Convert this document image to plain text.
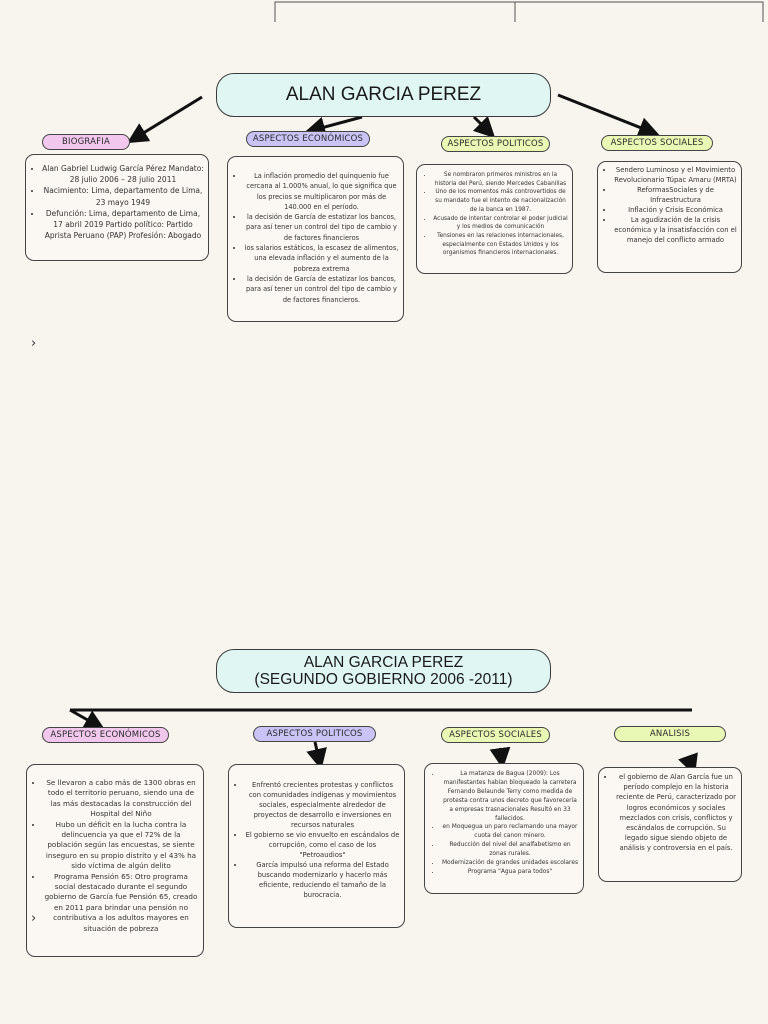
ALAN GARCIA PEREZ
BIOGRAFIA	ASPECTOS ECONÓMICOS	ASPECTOS POLITICOS	ASPECTOS SOCIALES
• Alan Gabriel Ludwig García Pérez Mandato: 28 julio 2006 – 28 julio 2011
• Nacimiento: Lima, departamento de Lima, 23 mayo 1949
• Defunción: Lima, departamento de Lima, 17 abril 2019 Partido político: Partido Aprista Peruano (PAP) Profesión: Abogado
• La inflación promedio del quinquenio fue cercana al 1.000% anual, lo que significa que los precios se multiplicaron por más de 140.000 en el período.
• la decisión de García de estatizar los bancos, para así tener un control del tipo de cambio y de factores financieros
• los salarios estáticos, la escasez de alimentos, una elevada inflación y el aumento de la pobreza extrema
• la decisión de García de estatizar los bancos, para así tener un control del tipo de cambio y de factores financieros.
• Se nombraron primeros ministros en la historia del Perú, siendo Mercedes Cabanillas
• Uno de los momentos más controvertidos de su mandato fue el intento de nacionalización de la banca en 1987.
• Acusado de intentar controlar el poder judicial y los medios de comunicación
• Tensiones en las relaciones internacionales, especialmente con Estados Unidos y los organismos financieros internacionales.
• Sendero Luminoso y el Movimiento Revolucionario Túpac Amaru (MRTA)
• ReformasSociales y de Infraestructura
• Inflación y Crisis Económica
• La agudización de la crisis económica y la insatisfacción con el manejo del conflicto armado
›
ALAN GARCIA PEREZ
(SEGUNDO GOBIERNO 2006 -2011)
ASPECTOS ECONÓMICOS	ASPECTOS POLITICOS	ASPECTOS SOCIALES	ANALISIS
• Se llevaron a cabo más de 1300 obras en todo el territorio peruano, siendo una de las más destacadas la construcción del Hospital del Niño
• Hubo un déficit en la lucha contra la delincuencia ya que el 72% de la población según las encuestas, se siente inseguro en su propio distrito y el 43% ha sido víctima de algún delito
• Programa Pensión 65: Otro programa social destacado durante el segundo gobierno de García fue Pensión 65, creado en 2011 para brindar una pensión no contributiva a los adultos mayores en situación de pobreza
• Enfrentó crecientes protestas y conflictos con comunidades indígenas y movimientos sociales, especialmente alrededor de proyectos de desarrollo e inversiones en recursos naturales
• El gobierno se vio envuelto en escándalos de corrupción, como el caso de los "Petroaudios"
• García impulsó una reforma del Estado buscando modernizarlo y hacerlo más eficiente, reduciendo el tamaño de la burocracia.
• La matanza de Bagua (2009): Los manifestantes habían bloqueado la carretera Fernando Belaunde Terry como medida de protesta contra unos decreto que favorecería a empresas trasnacionales Resultó en 33 fallecidos.
• en Moquegua un paro reclamando una mayor cuota del canon minero.
• Reducción del nivel del analfabetismo en zonas rurales.
• Modernización de grandes unidades escolares
• Programa "Agua para todos"
• el gobierno de Alan García fue un período complejo en la historia reciente de Perú, caracterizado por logros económicos y sociales mezclados con crisis, conflictos y escándalos de corrupción. Su legado sigue siendo objeto de análisis y controversia en el país.
›
